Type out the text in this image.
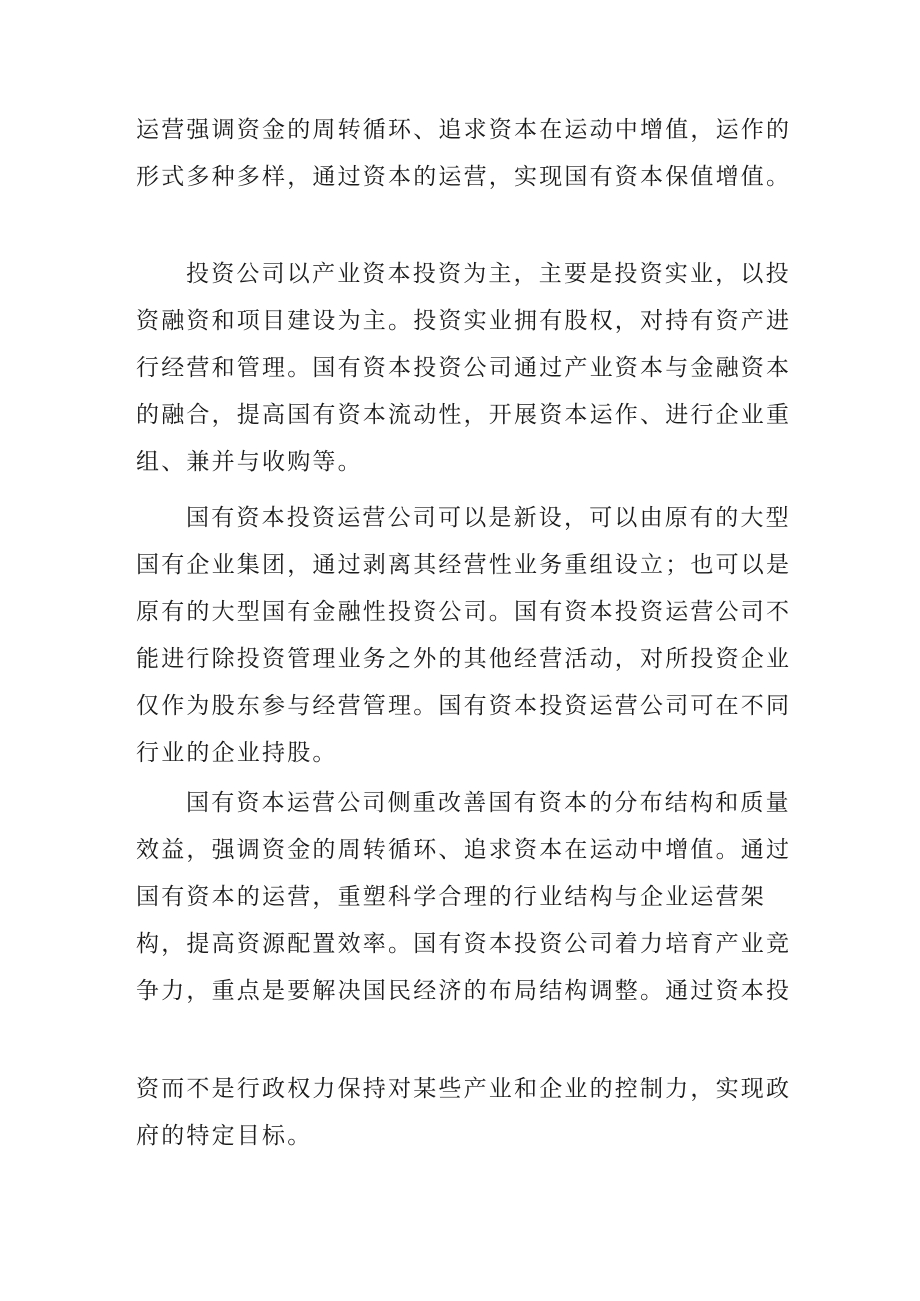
运营强调资金的周转循环、追求资本在运动中增值，运作的形式多种多样，通过资本的运营，实现国有资本保值增值。

投资公司以产业资本投资为主，主要是投资实业，以投资融资和项目建设为主。投资实业拥有股权，对持有资产进行经营和管理。国有资本投资公司通过产业资本与金融资本的融合，提高国有资本流动性，开展资本运作、进行企业重组、兼并与收购等。

国有资本投资运营公司可以是新设，可以由原有的大型国有企业集团，通过剥离其经营性业务重组设立；也可以是原有的大型国有金融性投资公司。国有资本投资运营公司不能进行除投资管理业务之外的其他经营活动，对所投资企业仅作为股东参与经营管理。国有资本投资运营公司可在不同行业的企业持股。

国有资本运营公司侧重改善国有资本的分布结构和质量效益，强调资金的周转循环、追求资本在运动中增值。通过国有资本的运营，重塑科学合理的行业结构与企业运营架构，提高资源配置效率。国有资本投资公司着力培育产业竞争力，重点是要解决国民经济的布局结构调整。通过资本投

资而不是行政权力保持对某些产业和企业的控制力，实现政府的特定目标。
